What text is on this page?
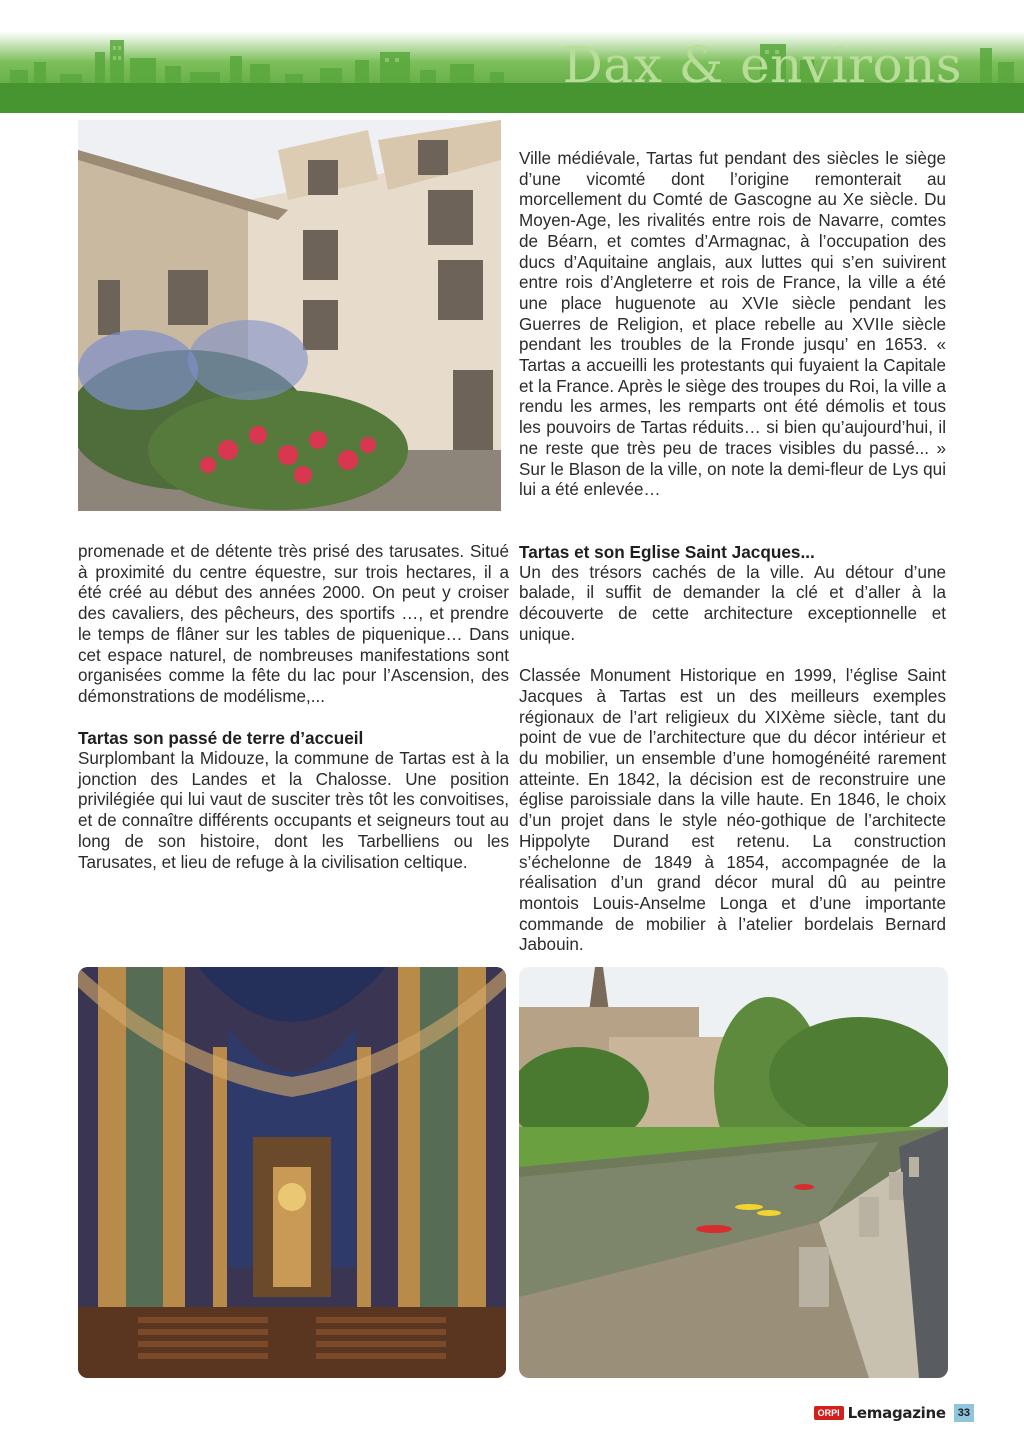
Dax & environs

Ville médiévale, Tartas fut pendant des siècles le siège d’une vicomté dont l’origine remonterait au morcellement du Comté de Gascogne au Xe siècle. Du Moyen-Age, les rivalités entre rois de Navarre, comtes de Béarn, et comtes d’Armagnac, à l’occupation des ducs d’Aquitaine anglais, aux luttes qui s’en suivirent entre rois d’Angleterre et rois de France, la ville a été une place huguenote au XVIe siècle pendant les Guerres de Religion, et place rebelle au XVIIe siècle pendant les troubles de la Fronde jusqu’ en 1653. « Tartas a accueilli les protestants qui fuyaient la Capitale et la France. Après le siège des troupes du Roi, la ville a rendu les armes, les remparts ont été démolis et tous les pouvoirs de Tartas réduits… si bien qu’aujourd’hui, il ne reste que très peu de traces visibles du passé... » Sur le Blason de la ville, on note la demi-fleur de Lys qui lui a été enlevée…

promenade et de détente très prisé des tarusates. Situé à proximité du centre équestre, sur trois hectares, il a été créé au début des années 2000. On peut y croiser des cavaliers, des pêcheurs, des sportifs …, et prendre le temps de flâner sur les tables de piquenique… Dans cet espace naturel, de nombreuses manifestations sont organisées comme la fête du lac pour l’Ascension, des démonstrations de modélisme,...

Tartas son passé de terre d’accueil

Surplombant la Midouze, la commune de Tartas est à la jonction des Landes et la Chalosse. Une position privilégiée qui lui vaut de susciter très tôt les convoitises, et de connaître différents occupants et seigneurs tout au long de son histoire, dont les Tarbelliens ou les Tarusates, et lieu de refuge à la civilisation celtique.

Tartas et son Eglise Saint Jacques...

Un des trésors cachés de la ville. Au détour d’une balade, il suffit de demander la clé et d’aller à la découverte de cette architecture exceptionnelle et unique.

Classée Monument Historique en 1999, l’église Saint Jacques à Tartas est un des meilleurs exemples régionaux de l’art religieux du XIXème siècle, tant du point de vue de l’architecture que du décor intérieur et du mobilier, un ensemble d’une homogénéité rarement atteinte. En 1842, la décision est de reconstruire une église paroissiale dans la ville haute. En 1846, le choix d’un projet dans le style néo-gothique de l’architecte Hippolyte Durand est retenu. La construction s’échelonne de 1849 à 1854, accompagnée de la réalisation d’un grand décor mural dû au peintre montois Louis-Anselme Longa et d’une importante commande de mobilier à l’atelier bordelais Bernard Jabouin.

ORPI Lemagazine	33
